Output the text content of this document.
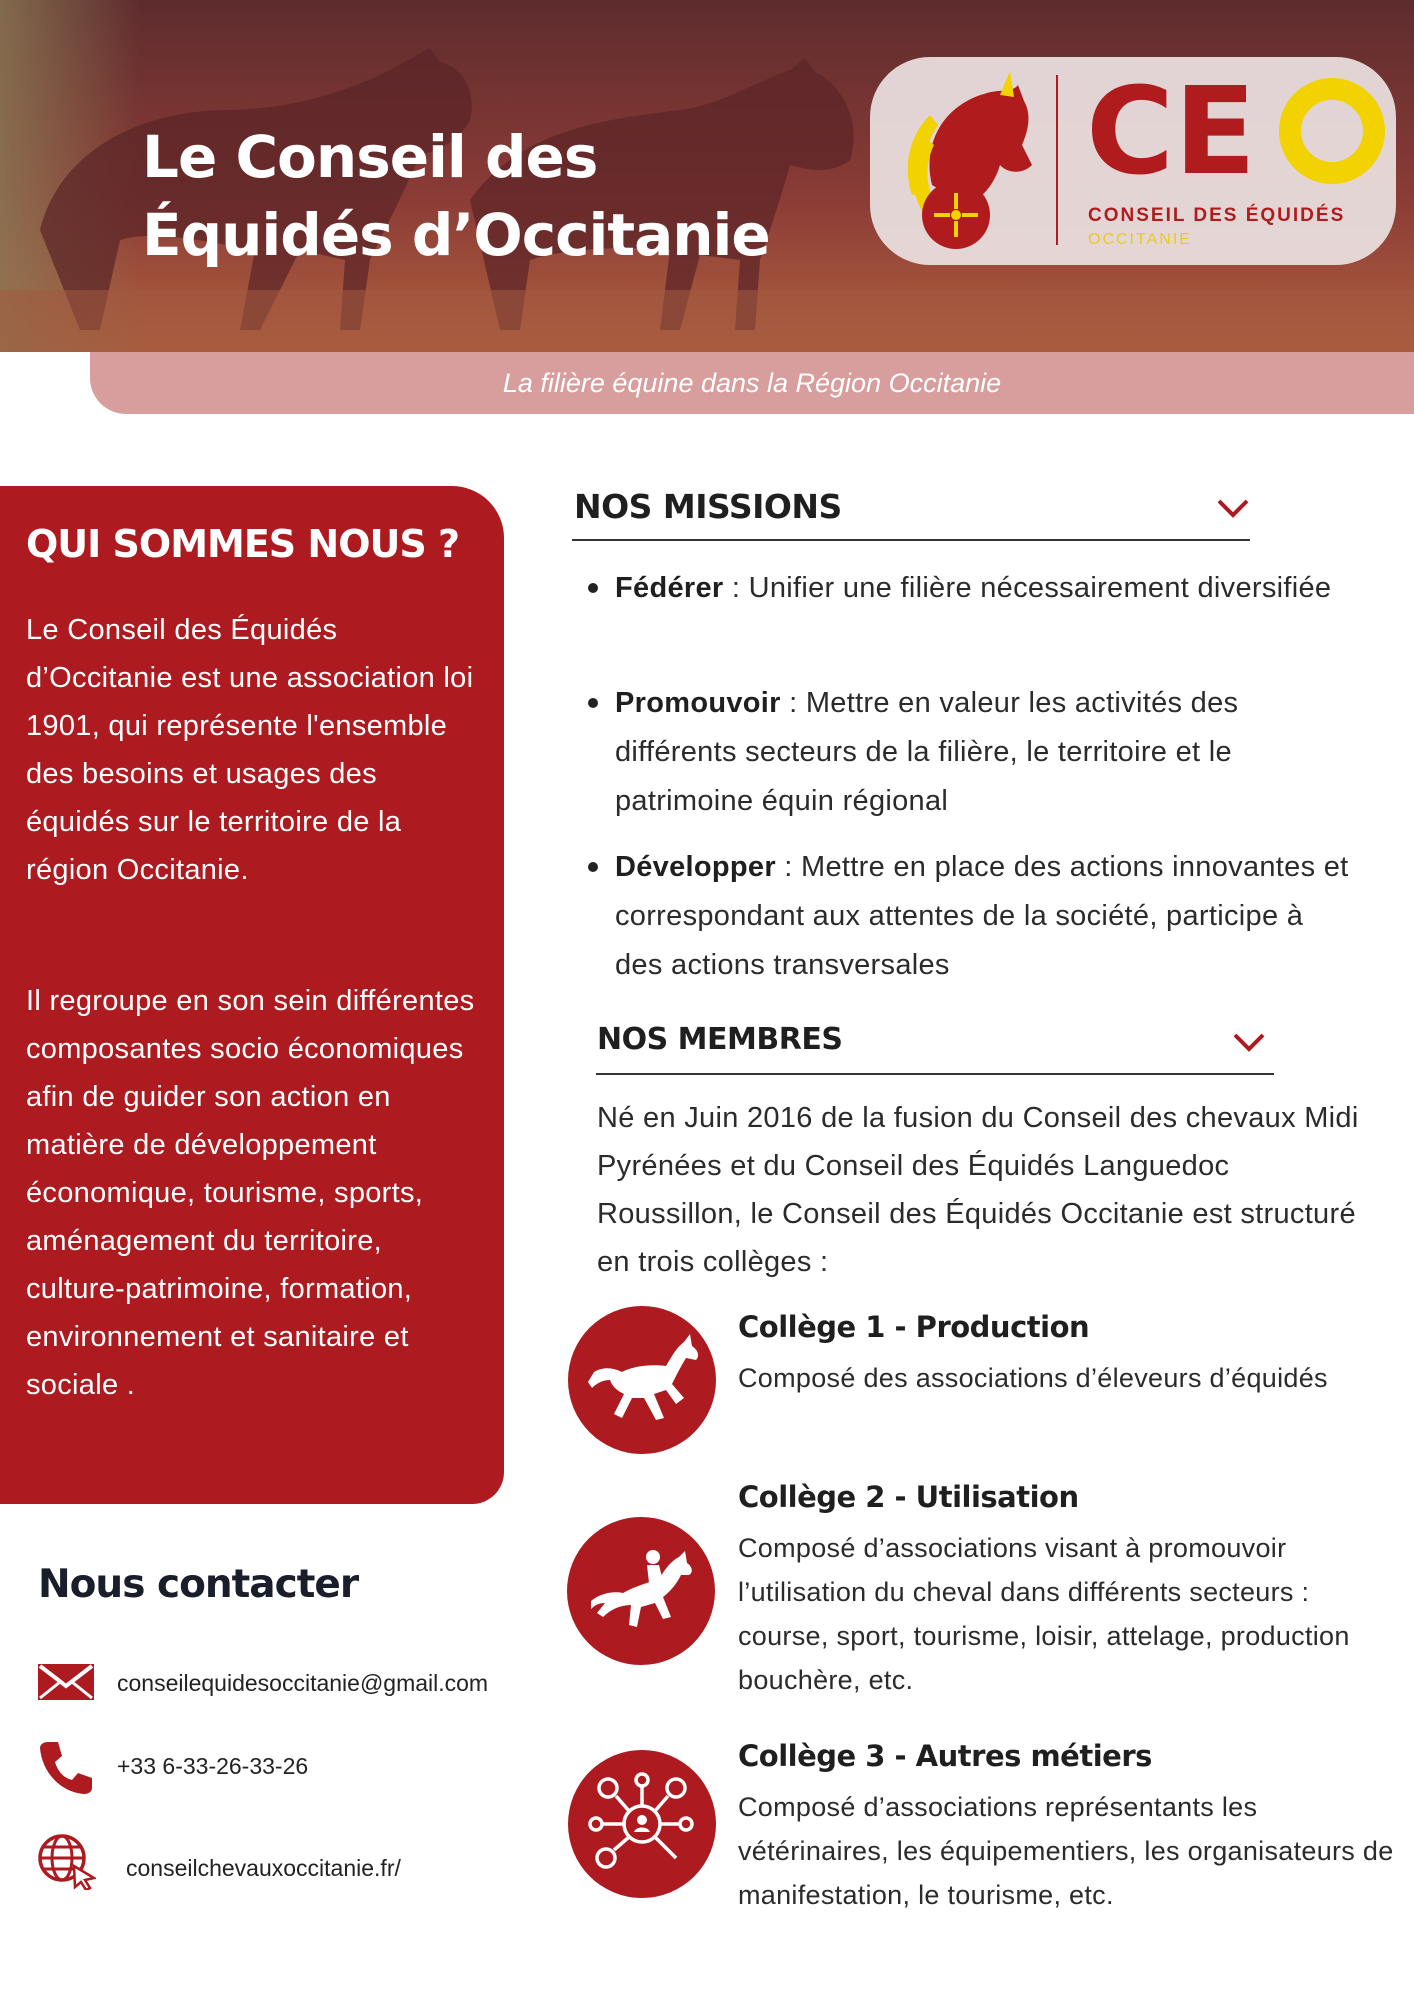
Le Conseil des
Équidés d’Occitanie
CE

CONSEIL DES ÉQUIDÉS

OCCITANIE

La filière équine dans la Région Occitanie
QUI SOMMES NOUS ?

Le Conseil des Équidés d’Occitanie est une association loi 1901, qui représente l'ensemble des besoins et usages des équidés sur le territoire de la région Occitanie.

Il regroupe en son sein différentes composantes socio économiques afin de guider son action en matière de développement économique, tourisme, sports, aménagement du territoire, culture-patrimoine, formation, environnement et sanitaire et sociale .

Nous contacter

conseilequidesoccitanie@gmail.com

+33 6-33-26-33-26

conseilchevauxoccitanie.fr/

NOS MISSIONS
Fédérer : Unifier une filière nécessairement diversifiée
Promouvoir : Mettre en valeur les activités des différents secteurs de la filière, le territoire et le patrimoine équin régional
Développer : Mettre en place des actions innovantes et correspondant aux attentes de la société, participe à des actions transversales
NOS MEMBRES

Né en Juin 2016 de la fusion du Conseil des chevaux Midi Pyrénées et du Conseil des Équidés Languedoc Roussillon, le Conseil des Équidés Occitanie est structuré en trois collèges :

Collège 1 - Production

Composé des associations d’éleveurs d’équidés

Collège 2 - Utilisation

Composé d’associations visant à promouvoir l’utilisation du cheval dans différents secteurs : course, sport, tourisme, loisir, attelage, production bouchère, etc.

Collège 3 - Autres métiers

Composé d’associations représentants les vétérinaires, les équipementiers, les organisateurs de manifestation, le tourisme, etc.
